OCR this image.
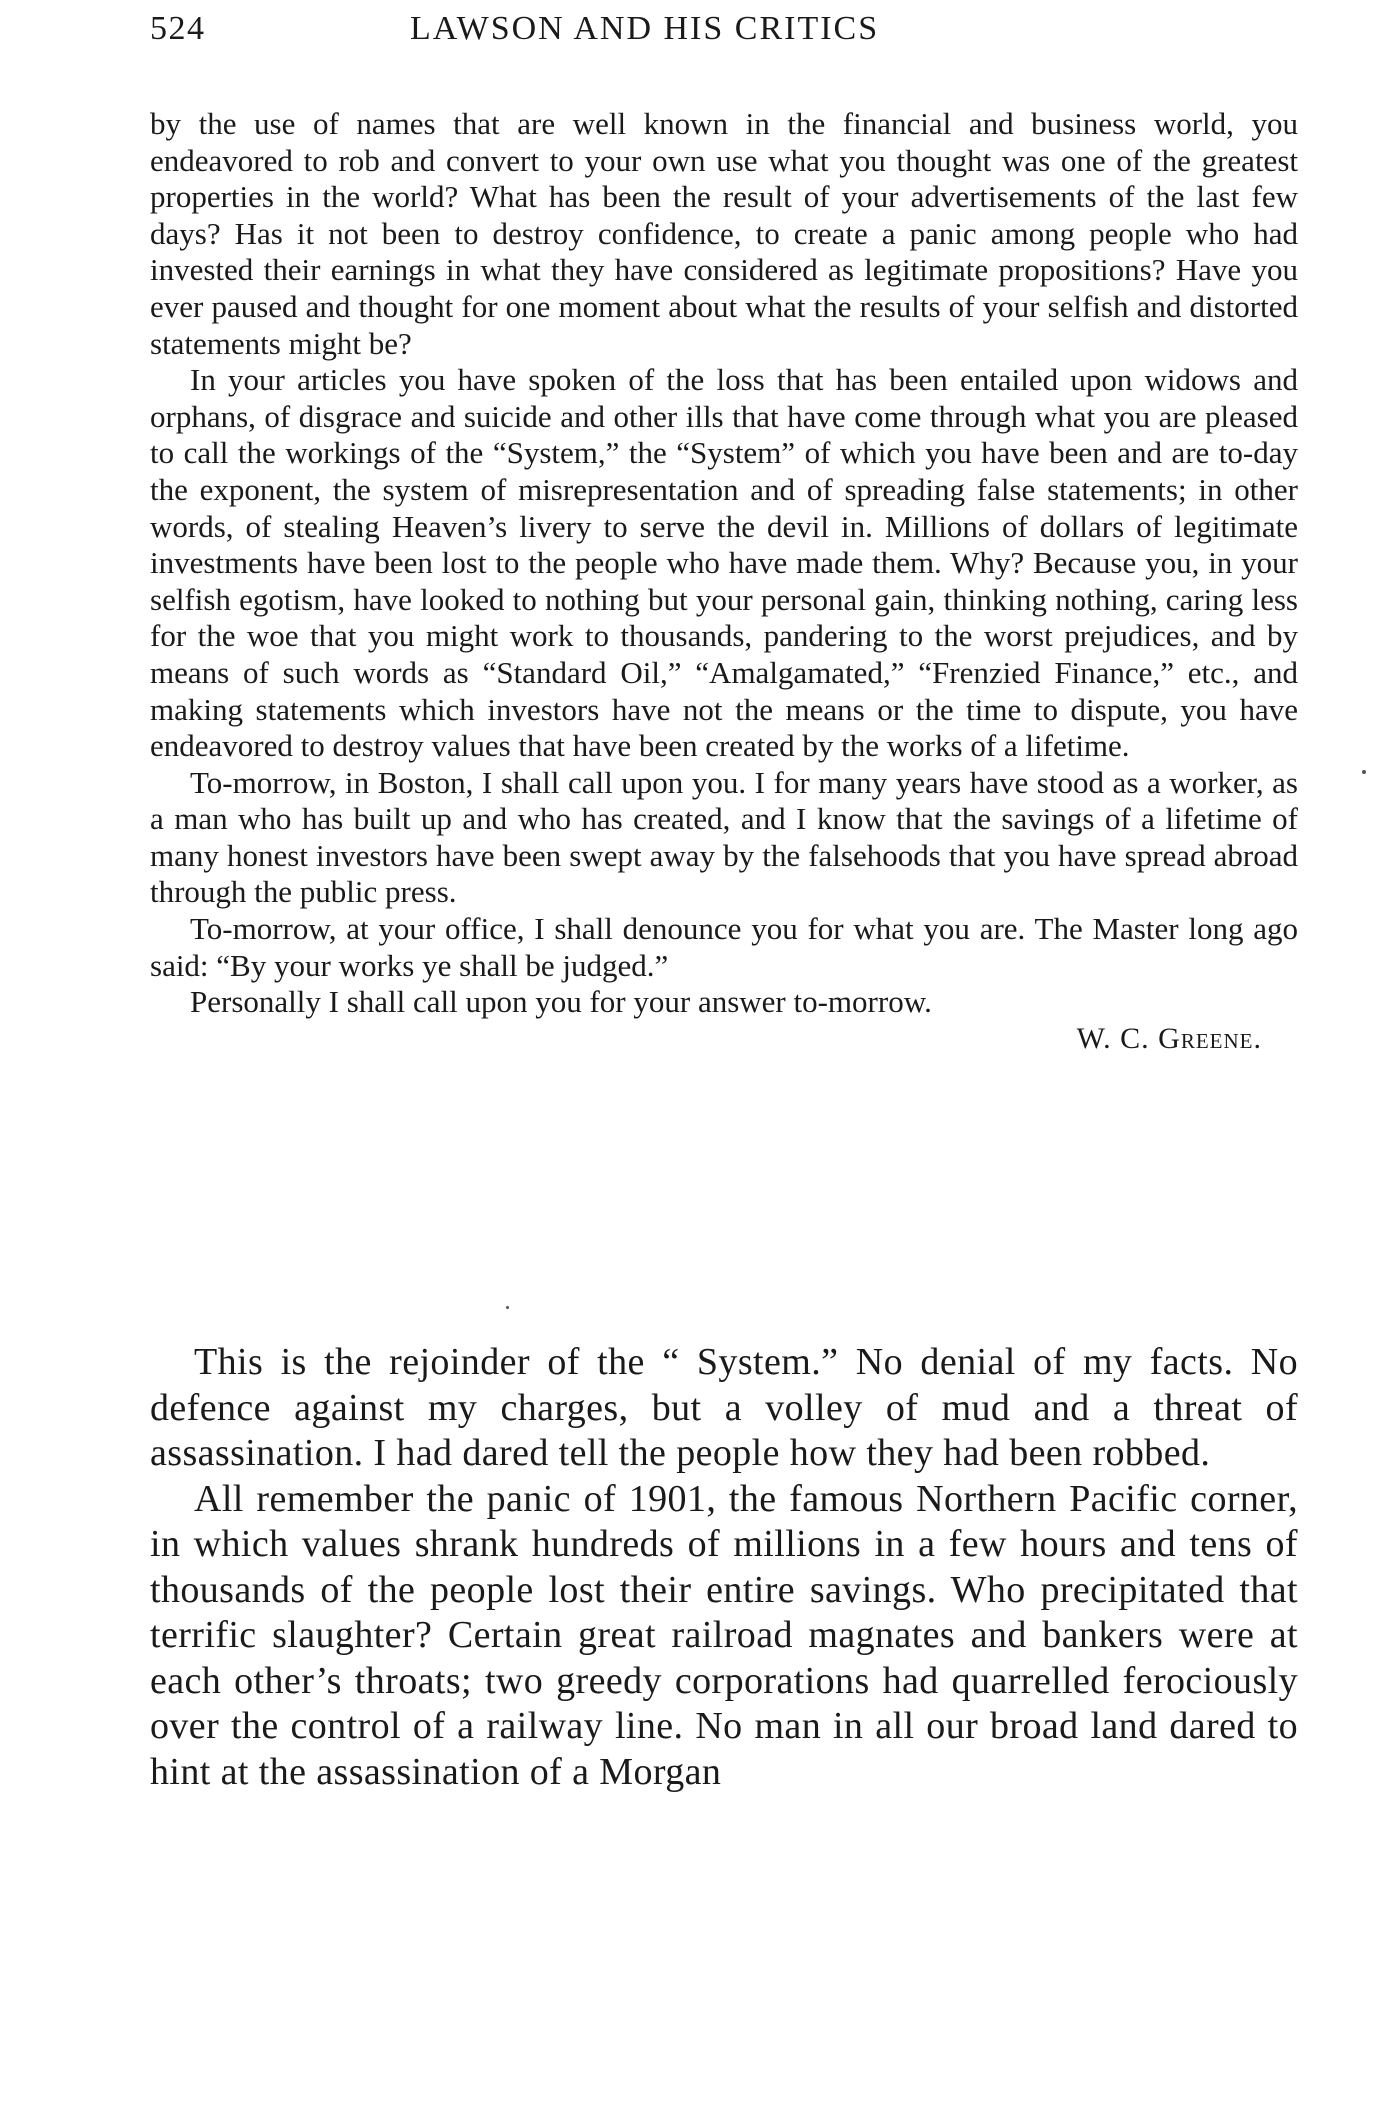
524	LAWSON AND HIS CRITICS

by the use of names that are well known in the financial and business world, you endeavored to rob and convert to your own use what you thought was one of the greatest properties in the world? What has been the result of your advertisements of the last few days? Has it not been to destroy confidence, to create a panic among people who had invested their earnings in what they have considered as legitimate propositions? Have you ever paused and thought for one moment about what the results of your selfish and distorted statements might be?

In your articles you have spoken of the loss that has been entailed upon widows and orphans, of disgrace and suicide and other ills that have come through what you are pleased to call the workings of the “System,” the “System” of which you have been and are to-day the exponent, the system of misrepresentation and of spreading false statements; in other words, of stealing Heaven’s livery to serve the devil in. Millions of dollars of legitimate investments have been lost to the people who have made them. Why? Because you, in your selfish egotism, have looked to nothing but your personal gain, thinking nothing, caring less for the woe that you might work to thousands, pandering to the worst prejudices, and by means of such words as “Standard Oil,” “Amalgamated,” “Frenzied Finance,” etc., and making statements which investors have not the means or the time to dispute, you have endeavored to destroy values that have been created by the works of a lifetime.

To-morrow, in Boston, I shall call upon you. I for many years have stood as a worker, as a man who has built up and who has created, and I know that the savings of a lifetime of many honest investors have been swept away by the falsehoods that you have spread abroad through the public press.

To-morrow, at your office, I shall denounce you for what you are. The Master long ago said: “By your works ye shall be judged.”

Personally I shall call upon you for your answer to-morrow.

W. C. Greene.

This is the rejoinder of the “ System.” No denial of my facts. No defence against my charges, but a volley of mud and a threat of assassination. I had dared tell the people how they had been robbed.

All remember the panic of 1901, the famous Northern Pacific corner, in which values shrank hundreds of millions in a few hours and tens of thousands of the people lost their entire savings. Who precipitated that terrific slaughter? Certain great railroad magnates and bankers were at each other’s throats; two greedy corporations had quarrelled ferociously over the control of a railway line. No man in all our broad land dared to hint at the assassination of a Morgan
